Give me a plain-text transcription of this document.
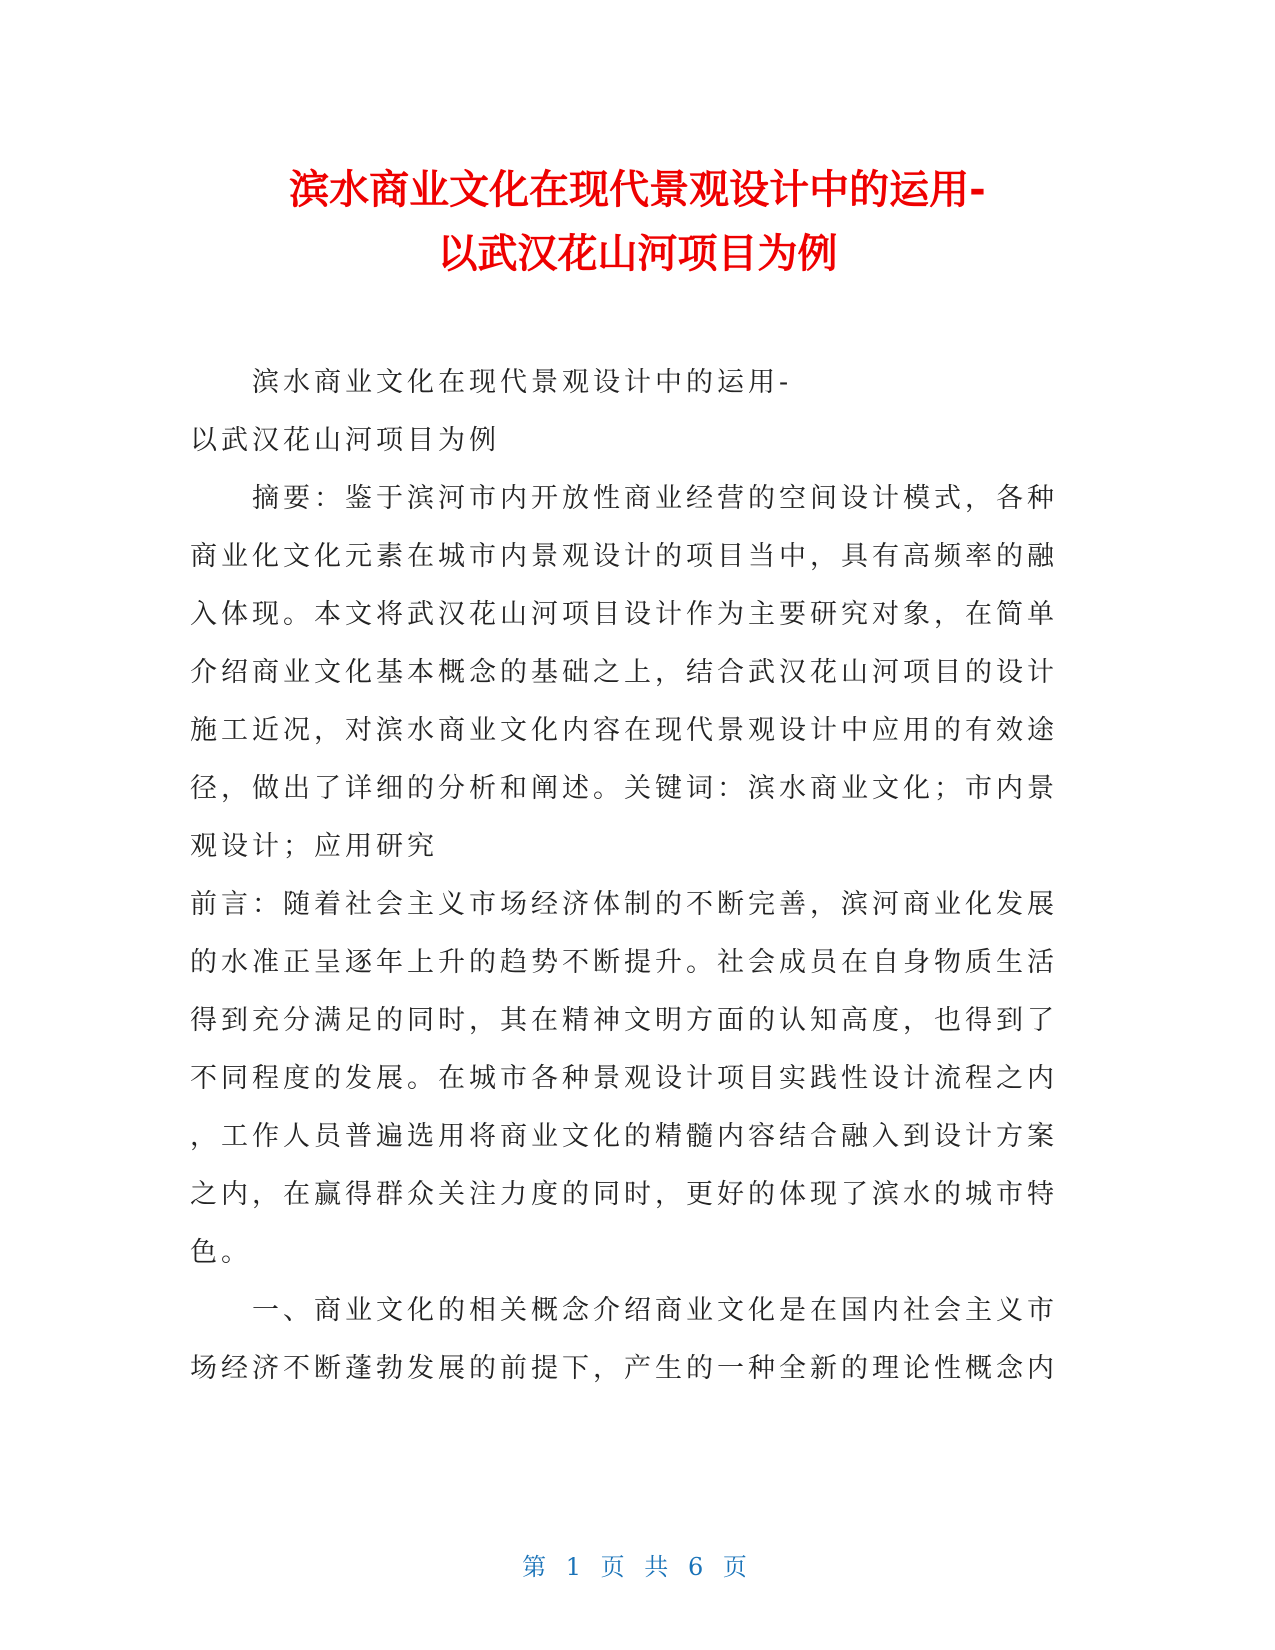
滨水商业文化在现代景观设计中的运用-
以武汉花山河项目为例

滨水商业文化在现代景观设计中的运用-

以武汉花山河项目为例

摘要：鉴于滨河市内开放性商业经营的空间设计模式，各种

商业化文化元素在城市内景观设计的项目当中，具有高频率的融

入体现。本文将武汉花山河项目设计作为主要研究对象，在简单

介绍商业文化基本概念的基础之上，结合武汉花山河项目的设计

施工近况，对滨水商业文化内容在现代景观设计中应用的有效途

径，做出了详细的分析和阐述。关键词：滨水商业文化；市内景

观设计；应用研究

前言：随着社会主义市场经济体制的不断完善，滨河商业化发展

的水准正呈逐年上升的趋势不断提升。社会成员在自身物质生活

得到充分满足的同时，其在精神文明方面的认知高度，也得到了

不同程度的发展。在城市各种景观设计项目实践性设计流程之内

，工作人员普遍选用将商业文化的精髓内容结合融入到设计方案

之内，在赢得群众关注力度的同时，更好的体现了滨水的城市特

色。

一、商业文化的相关概念介绍商业文化是在国内社会主义市

场经济不断蓬勃发展的前提下，产生的一种全新的理论性概念内

第 1 页 共 6 页
